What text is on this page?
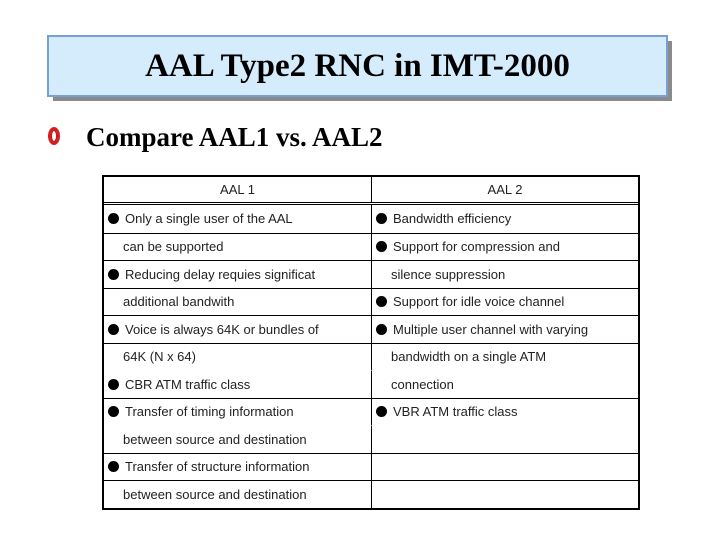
AAL Type2 RNC in IMT-2000
Compare AAL1 vs. AAL2
AAL 1	AAL 2
Only a single user of the AAL	Bandwidth efficiency
can be supported	Support for compression and
Reducing delay requies significat	silence suppression
additional bandwith	Support for idle voice channel
Voice is always 64K or bundles of	Multiple user channel with varying
64K (N x 64)	bandwidth on a single ATM
CBR ATM traffic class	connection
Transfer of timing information	VBR ATM traffic class
between source and destination
Transfer of structure information
between source and destination
